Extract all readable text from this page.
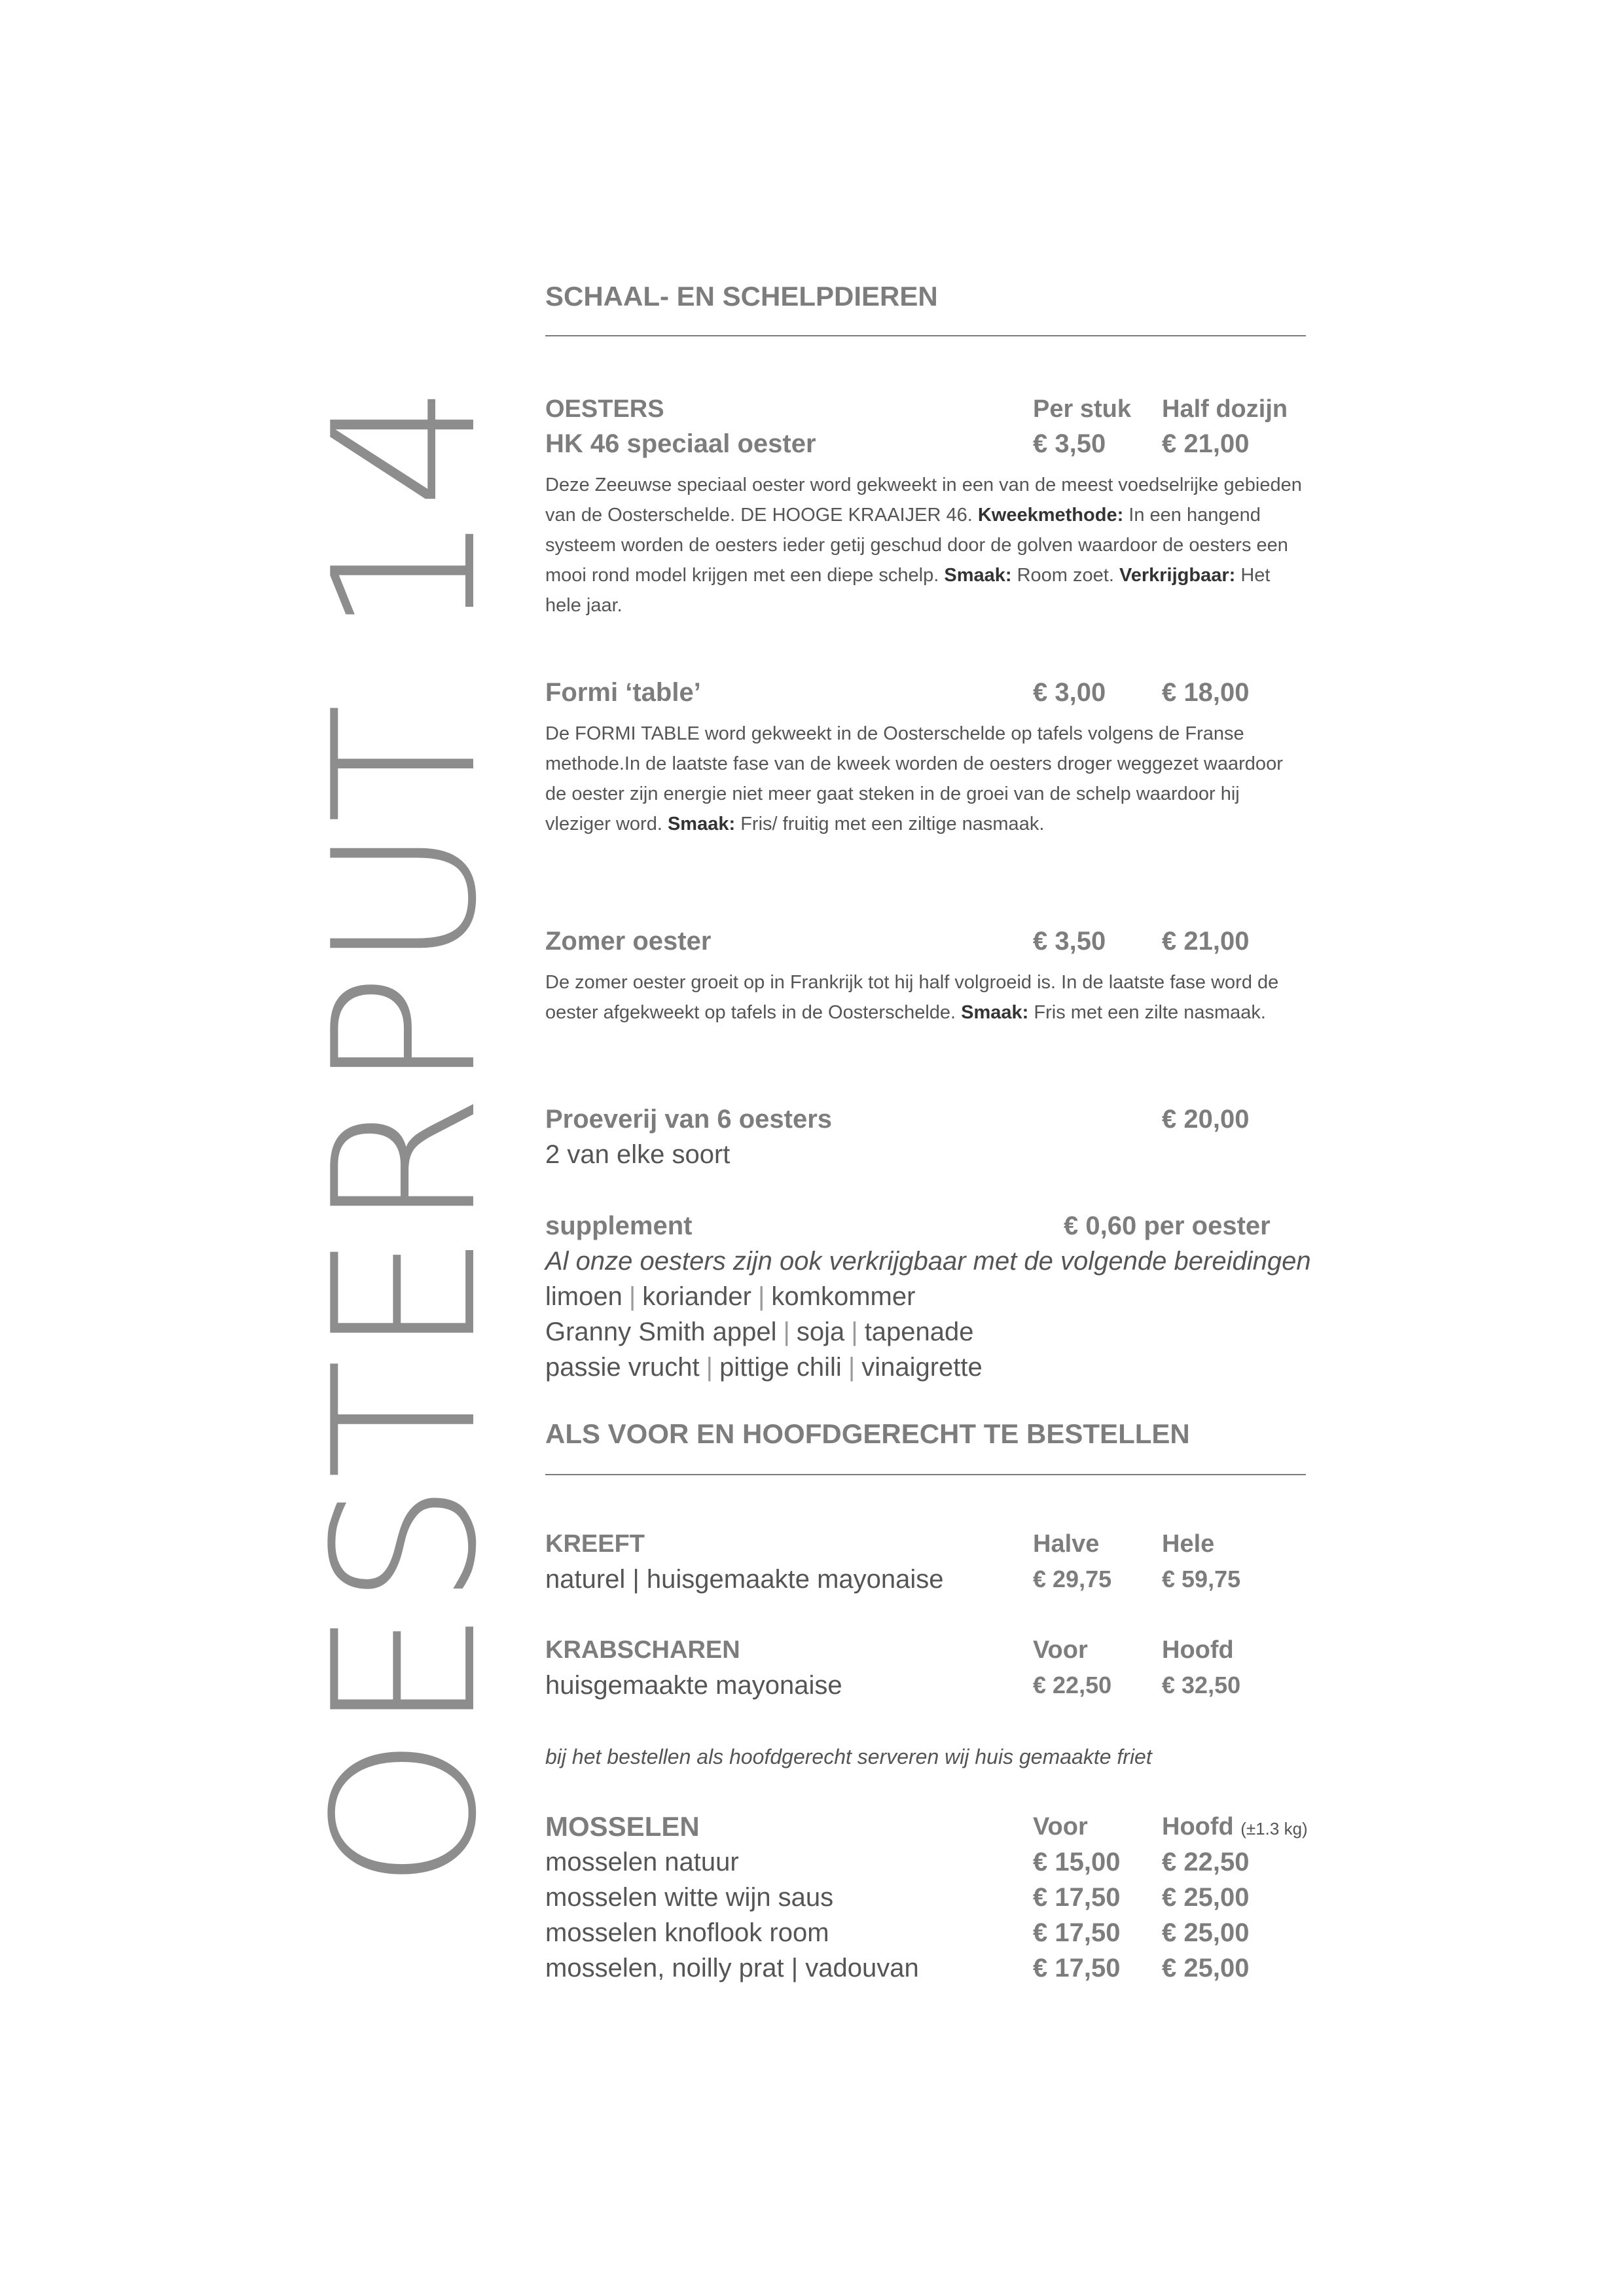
OESTERPUT 14
SCHAAL- EN SCHELPDIEREN
OESTERS	Per stuk Half dozijn
HK 46 speciaal oester	€ 3,50 € 21,00
Deze Zeeuwse speciaal oester word gekweekt in een van de meest voedselrijke gebieden van de Oosterschelde. DE HOOGE KRAAIJER 46. Kweekmethode: In een hangend systeem worden de oesters ieder getij geschud door de golven waardoor de oesters een mooi rond model krijgen met een diepe schelp. Smaak: Room zoet. Verkrijgbaar: Het hele jaar.
Formi ‘table’	€ 3,00 € 18,00
De FORMI TABLE word gekweekt in de Oosterschelde op tafels volgens de Franse methode.In de laatste fase van de kweek worden de oesters droger weggezet waardoor de oester zijn energie niet meer gaat steken in de groei van de schelp waardoor hij vleziger word. Smaak: Fris/ fruitig met een ziltige nasmaak.
Zomer oester	€ 3,50 € 21,00
De zomer oester groeit op in Frankrijk tot hij half volgroeid is. In de laatste fase word de oester afgekweekt op tafels in de Oosterschelde. Smaak: Fris met een zilte nasmaak.
Proeverij van 6 oesters	€ 20,00
2 van elke soort
supplement	€ 0,60 per oester
Al onze oesters zijn ook verkrijgbaar met de volgende bereidingen
limoen | koriander | komkommer
Granny Smith appel | soja | tapenade
passie vrucht | pittige chili | vinaigrette
ALS VOOR EN HOOFDGERECHT TE BESTELLEN
KREEFT	Halve	Hele
naturel | huisgemaakte mayonaise	€ 29,75 € 59,75
KRABSCHAREN	Voor	Hoofd
huisgemaakte mayonaise	€ 22,50 € 32,50
bij het bestellen als hoofdgerecht serveren wij huis gemaakte friet
MOSSELEN	Voor	Hoofd (±1.3 kg)
mosselen natuur	€ 15,00 € 22,50
mosselen witte wijn saus	€ 17,50 € 25,00
mosselen knoflook room	€ 17,50 € 25,00
mosselen, noilly prat | vadouvan	€ 17,50 € 25,00
